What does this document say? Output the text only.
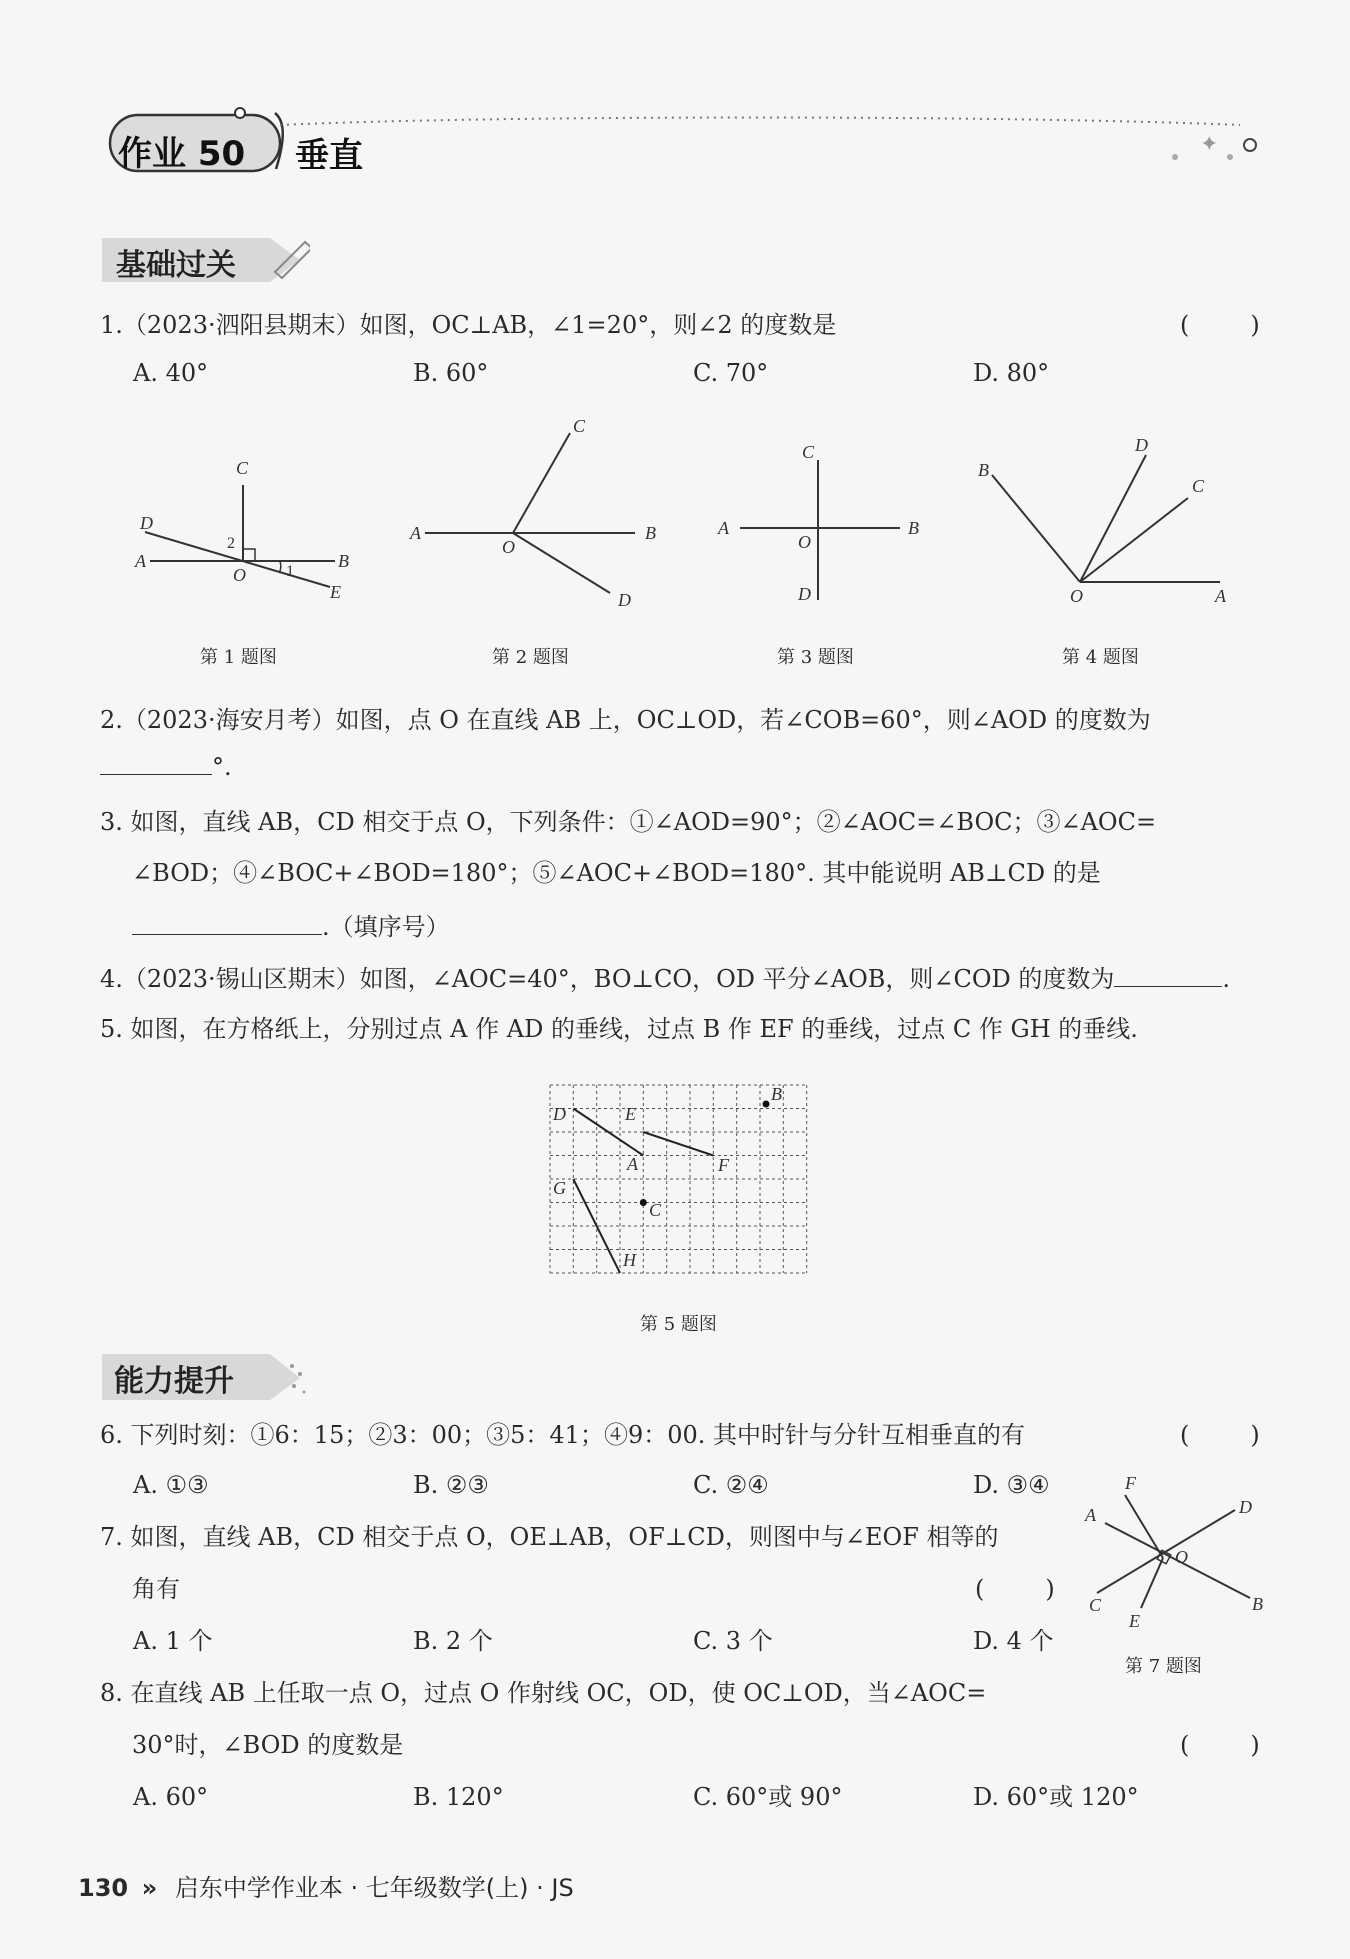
✦
作业 50 垂直
基础过关
1.（2023·泗阳县期末）如图，OC⊥AB，∠1=20°，则∠2 的度数是	(        )
A. 40°	B. 60°	C. 70°	D. 80°
C
D
A	B
O
E
2
1
第 1 题图
C
A
O
B
D
第 2 题图
C
A
O
B
D
第 3 题图
B
D
C
O	A
第 4 题图
2.（2023·海安月考）如图，点 O 在直线 AB 上，OC⊥OD，若∠COB=60°，则∠AOD 的度数为
°.
3. 如图，直线 AB，CD 相交于点 O，下列条件：①∠AOD=90°；②∠AOC=∠BOC；③∠AOC=
∠BOD；④∠BOC+∠BOD=180°；⑤∠AOC+∠BOD=180°. 其中能说明 AB⊥CD 的是
.（填序号）
4.（2023·锡山区期末）如图，∠AOC=40°，BO⊥CO，OD 平分∠AOB，则∠COD 的度数为	.
5. 如图，在方格纸上，分别过点 A 作 AD 的垂线，过点 B 作 EF 的垂线，过点 C 作 GH 的垂线.
D	E
B
A	F
G
C
H
第 5 题图
能力提升
6. 下列时刻：①6：15；②3：00；③5：41；④9：00. 其中时针与分针互相垂直的有	(        )
A. ①③	B. ②③	C. ②④	D. ③④
7. 如图，直线 AB，CD 相交于点 O，OE⊥AB，OF⊥CD，则图中与∠EOF 相等的
角有	(        )
A. 1 个	B. 2 个	C. 3 个	D. 4 个
F
A	D
O
C	B
E
第 7 题图
8. 在直线 AB 上任取一点 O，过点 O 作射线 OC，OD，使 OC⊥OD，当∠AOC=
30°时，∠BOD 的度数是	(        )
A. 60°	B. 120°	C. 60°或 90°	D. 60°或 120°
130 » 启东中学作业本 · 七年级数学(上) · JS
